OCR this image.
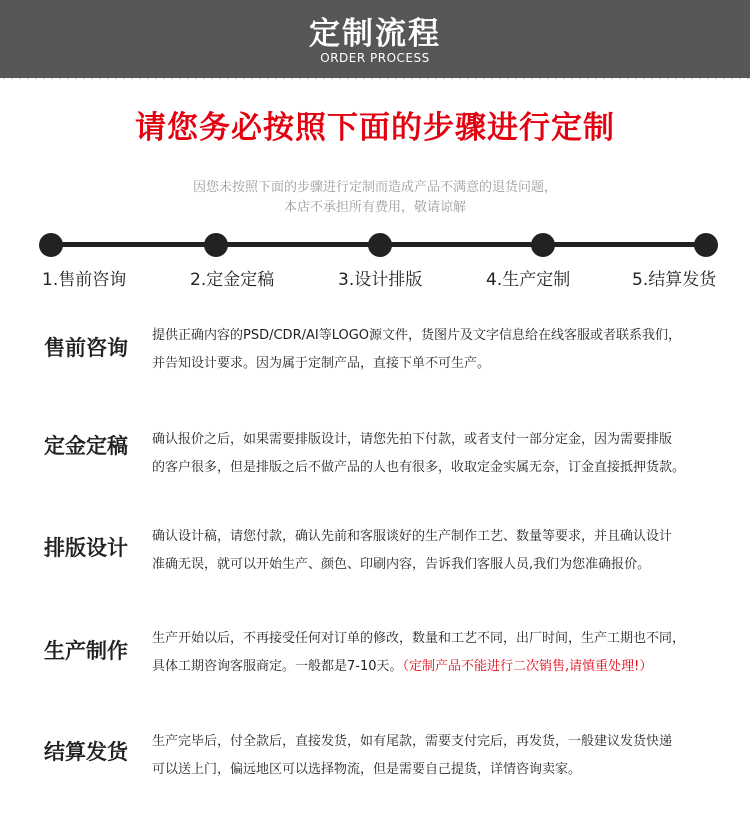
定制流程
ORDER PROCESS
请您务必按照下面的步骤进行定制
因您未按照下面的步骤进行定制而造成产品不满意的退货问题，
本店不承担所有费用，敬请谅解
1.售前咨询	2.定金定稿	3.设计排版	4.生产定制	5.结算发货
售前咨询
提供正确内容的PSD/CDR/AI等LOGO源文件，货图片及文字信息给在线客服或者联系我们，
并告知设计要求。因为属于定制产品，直接下单不可生产。
定金定稿 确认报价之后，如果需要排版设计，请您先拍下付款，或者支付一部分定金，因为需要排版
的客户很多，但是排版之后不做产品的人也有很多，收取定金实属无奈，订金直接抵押货款。
排版设计 确认设计稿，请您付款，确认先前和客服谈好的生产制作工艺、数量等要求，并且确认设计
准确无误，就可以开始生产、颜色、印刷内容，告诉我们客服人员,我们为您准确报价。
生产制作
生产开始以后，不再接受任何对订单的修改，数量和工艺不同，出厂时间，生产工期也不同，
具体工期咨询客服商定。一般都是7-10天。（定制产品不能进行二次销售,请慎重处理!）
结算发货 生产完毕后，付全款后，直接发货，如有尾款，需要支付完后，再发货，一般建议发货快递
可以送上门，偏远地区可以选择物流，但是需要自己提货，详情咨询卖家。
